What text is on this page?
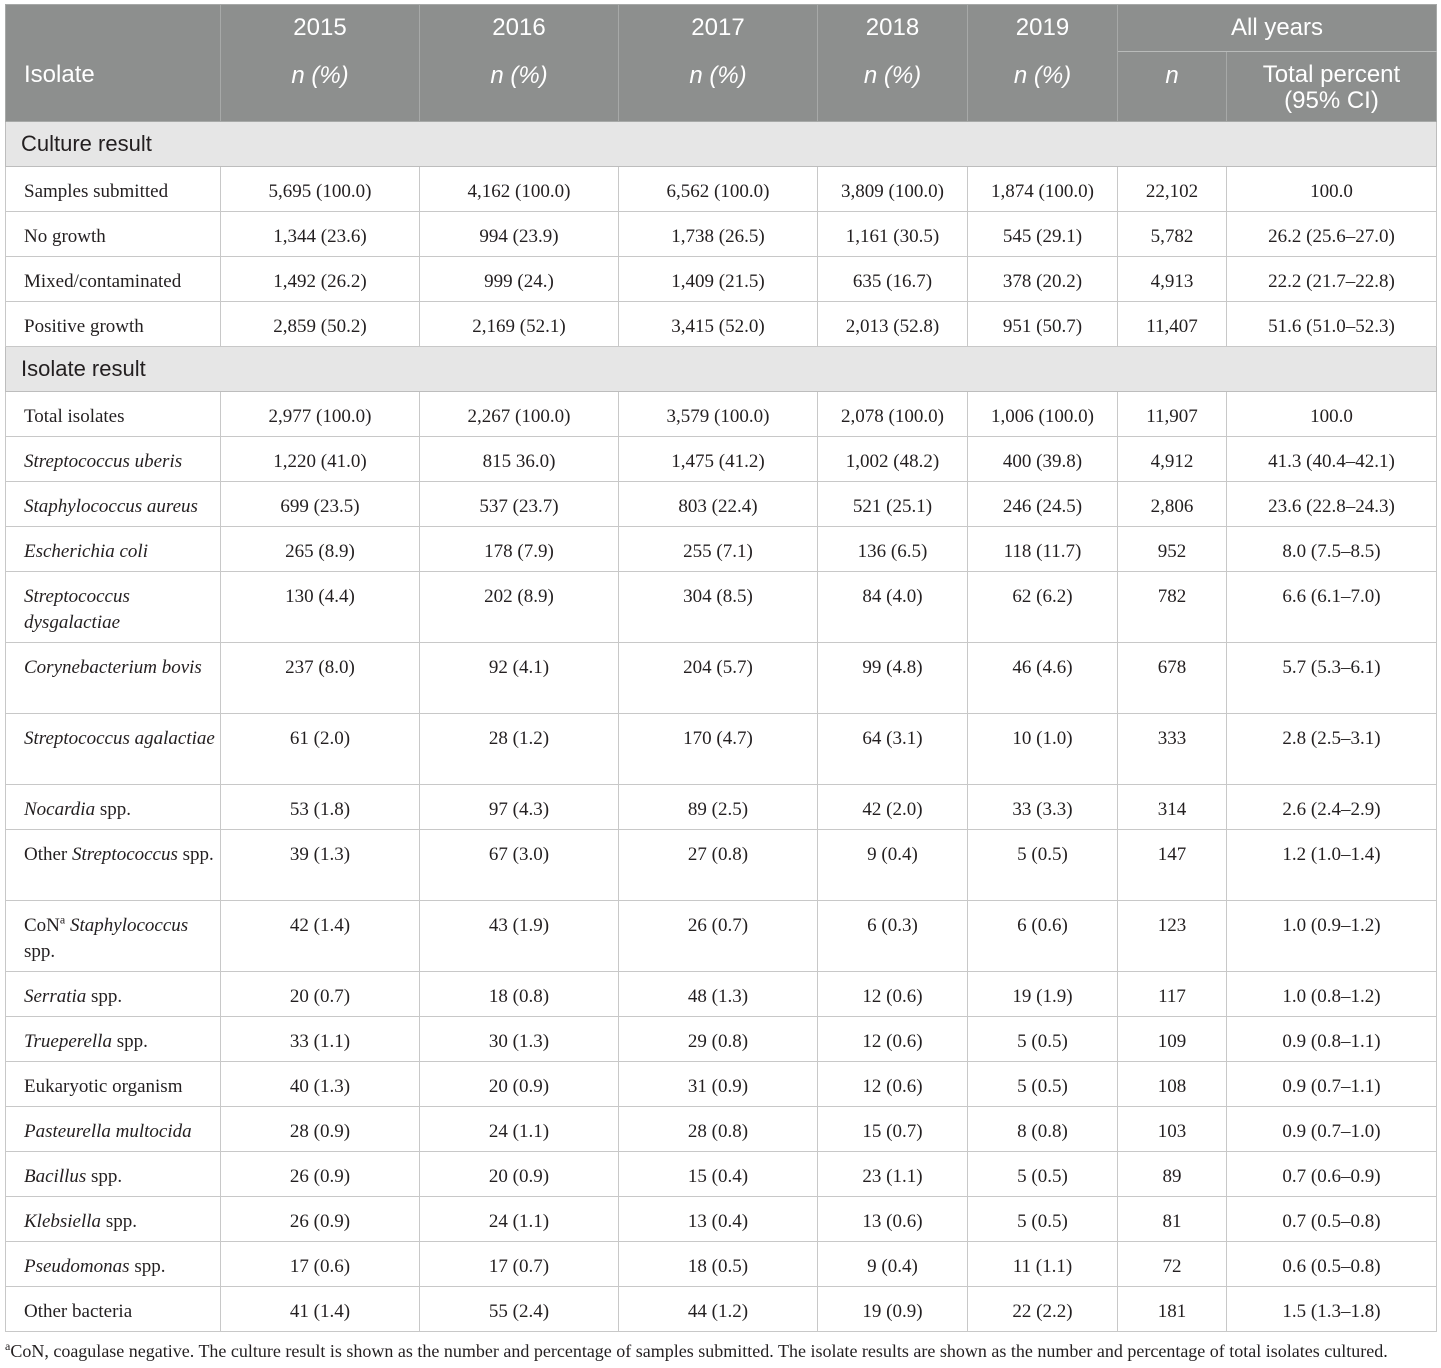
Isolate	2015	2016	2017	2018	2019	All years	
	n (%)	n (%)	n (%)	n (%)	n (%)	n	Total percent
(95% CI)

Culture result							
Samples submitted	5,695 (100.0)	4,162 (100.0)	6,562 (100.0)	3,809 (100.0)	1,874 (100.0)	22,102	100.0
No growth	1,344 (23.6)	994 (23.9)	1,738 (26.5)	1,161 (30.5)	545 (29.1)	5,782	26.2 (25.6–27.0)
Mixed/contaminated	1,492 (26.2)	999 (24.)	1,409 (21.5)	635 (16.7)	378 (20.2)	4,913	22.2 (21.7–22.8)
Positive growth	2,859 (50.2)	2,169 (52.1)	3,415 (52.0)	2,013 (52.8)	951 (50.7)	11,407	51.6 (51.0–52.3)
Isolate result							
Total isolates	2,977 (100.0)	2,267 (100.0)	3,579 (100.0)	2,078 (100.0)	1,006 (100.0)	11,907	100.0
Streptococcus uberis	1,220 (41.0)	815 36.0)	1,475 (41.2)	1,002 (48.2)	400 (39.8)	4,912	41.3 (40.4–42.1)
Staphylococcus aureus	699 (23.5)	537 (23.7)	803 (22.4)	521 (25.1)	246 (24.5)	2,806	23.6 (22.8–24.3)
Escherichia coli	265 (8.9)	178 (7.9)	255 (7.1)	136 (6.5)	118 (11.7)	952	8.0 (7.5–8.5)
Streptococcus dysgalactiae	130 (4.4)	202 (8.9)	304 (8.5)	84 (4.0)	62 (6.2)	782	6.6 (6.1–7.0)
Corynebacterium bovis	237 (8.0)	92 (4.1)	204 (5.7)	99 (4.8)	46 (4.6)	678	5.7 (5.3–6.1)
Streptococcus agalactiae	61 (2.0)	28 (1.2)	170 (4.7)	64 (3.1)	10 (1.0)	333	2.8 (2.5–3.1)
Nocardia spp.	53 (1.8)	97 (4.3)	89 (2.5)	42 (2.0)	33 (3.3)	314	2.6 (2.4–2.9)
Other Streptococcus spp.	39 (1.3)	67 (3.0)	27 (0.8)	9 (0.4)	5 (0.5)	147	1.2 (1.0–1.4)
CoN$^a$ Staphylococcus spp.	42 (1.4)	43 (1.9)	26 (0.7)	6 (0.3)	6 (0.6)	123	1.0 (0.9–1.2)
Serratia spp.	20 (0.7)	18 (0.8)	48 (1.3)	12 (0.6)	19 (1.9)	117	1.0 (0.8–1.2)
Trueperella spp.	33 (1.1)	30 (1.3)	29 (0.8)	12 (0.6)	5 (0.5)	109	0.9 (0.8–1.1)
Eukaryotic organism	40 (1.3)	20 (0.9)	31 (0.9)	12 (0.6)	5 (0.5)	108	0.9 (0.7–1.1)
Pasteurella multocida	28 (0.9)	24 (1.1)	28 (0.8)	15 (0.7)	8 (0.8)	103	0.9 (0.7–1.0)
Bacillus spp.	26 (0.9)	20 (0.9)	15 (0.4)	23 (1.1)	5 (0.5)	89	0.7 (0.6–0.9)
Klebsiella spp.	26 (0.9)	24 (1.1)	13 (0.4)	13 (0.6)	5 (0.5)	81	0.7 (0.5–0.8)
Pseudomonas spp.	17 (0.6)	17 (0.7)	18 (0.5)	9 (0.4)	11 (1.1)	72	0.6 (0.5–0.8)
Other bacteria	41 (1.4)	55 (2.4)	44 (1.2)	19 (0.9)	22 (2.2)	181	1.5 (1.3–1.8)
$^a$CoN, coagulase negative. The culture result is shown as the number and percentage of samples submitted. The isolate results are shown as the number and percentage of total isolates cultured.
